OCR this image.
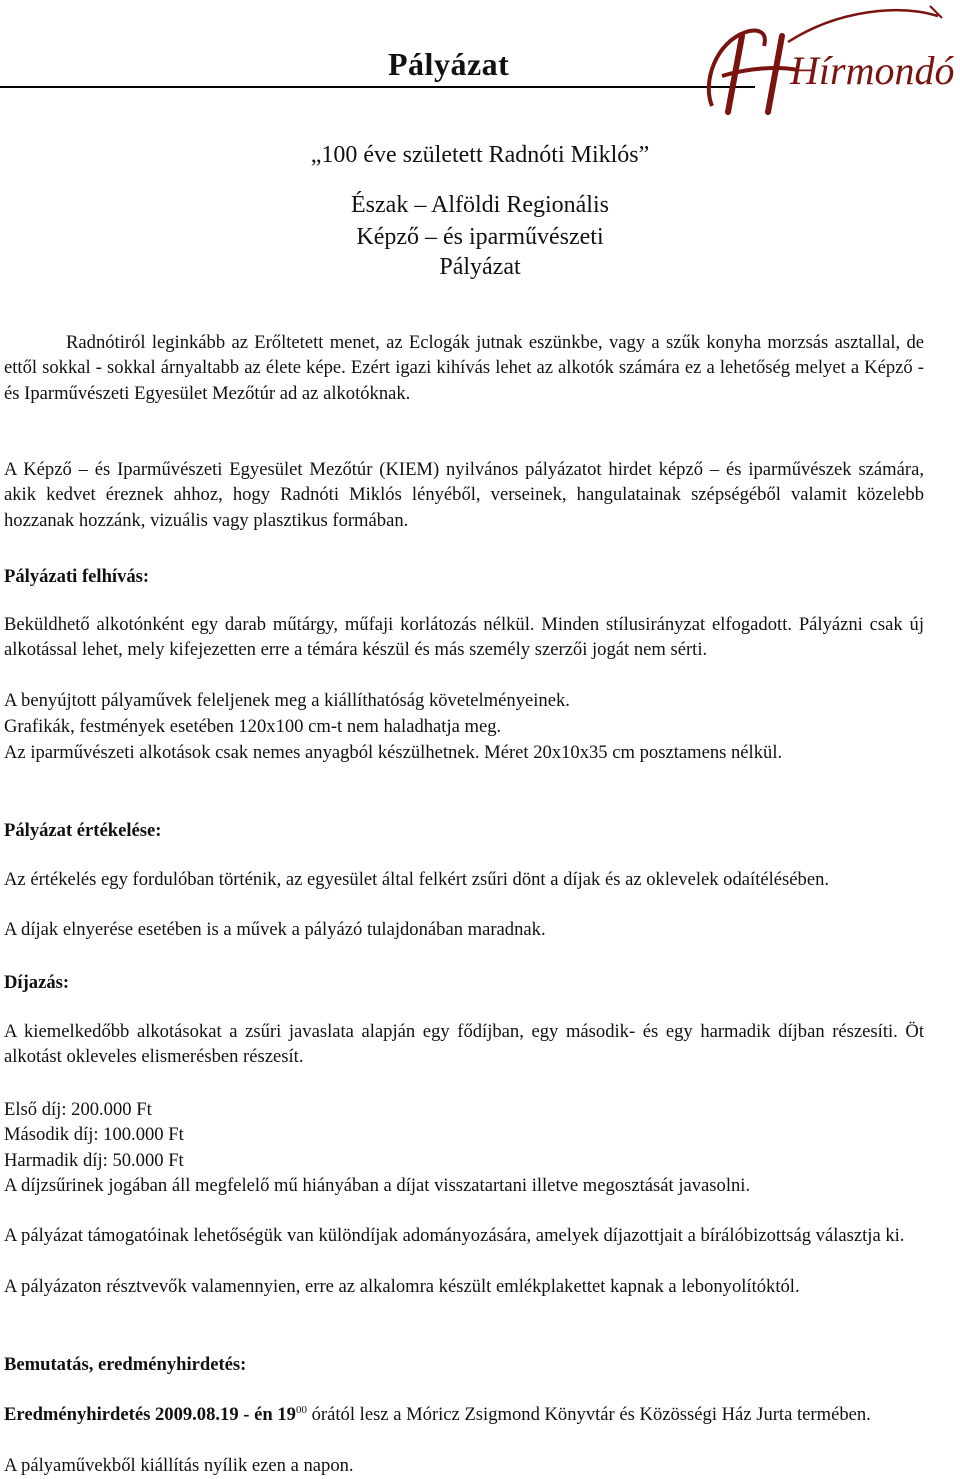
Pályázat	Hírmondó
„100 éve született Radnóti Miklós”
Észak – Alföldi Regionális
Képző – és iparművészeti
Pályázat

Radnótiról leginkább az Erőltetett menet, az Eclogák jutnak eszünkbe, vagy a szűk konyha morzsás asztallal, de ettől sokkal - sokkal árnyaltabb az élete képe. Ezért igazi kihívás lehet az alkotók számára ez a lehetőség melyet a Képző - és Iparművészeti Egyesület Mezőtúr ad az alkotóknak.

A Képző – és Iparművészeti Egyesület Mezőtúr (KIEM) nyilvános pályázatot hirdet képző – és iparművészek számára, akik kedvet éreznek ahhoz, hogy Radnóti Miklós lényéből, verseinek, hangulatainak szépségéből valamit közelebb hozzanak hozzánk, vizuális vagy plasztikus formában.

Pályázati felhívás:

Beküldhető alkotónként egy darab műtárgy, műfaji korlátozás nélkül. Minden stílusirányzat elfogadott. Pályázni csak új alkotással lehet, mely kifejezetten erre a témára készül és más személy szerzői jogát nem sérti.

A benyújtott pályaművek feleljenek meg a kiállíthatóság követelményeinek.

Grafikák, festmények esetében 120x100 cm-t nem haladhatja meg.

Az iparművészeti alkotások csak nemes anyagból készülhetnek. Méret 20x10x35 cm posztamens nélkül.

Pályázat értékelése:

Az értékelés egy fordulóban történik, az egyesület által felkért zsűri dönt a díjak és az oklevelek odaítélésében.

A díjak elnyerése esetében is a művek a pályázó tulajdonában maradnak.

Díjazás:

A kiemelkedőbb alkotásokat a zsűri javaslata alapján egy fődíjban, egy második- és egy harmadik díjban részesíti. Öt alkotást okleveles elismerésben részesít.

Első díj: 200.000 Ft

Második díj: 100.000 Ft

Harmadik díj: 50.000 Ft

A díjzsűrinek jogában áll megfelelő mű hiányában a díjat visszatartani illetve megosztását javasolni.

A pályázat támogatóinak lehetőségük van különdíjak adományozására, amelyek díjazottjait a bírálóbizottság választja ki.

A pályázaton résztvevők valamennyien, erre az alkalomra készült emlékplakettet kapnak a lebonyolítóktól.

Bemutatás, eredményhirdetés:

Eredményhirdetés 2009.08.19 - én $19^{00}$ órától lesz a Móricz Zsigmond Könyvtár és Közösségi Ház Jurta termében.

A pályaművekből kiállítás nyílik ezen a napon.
